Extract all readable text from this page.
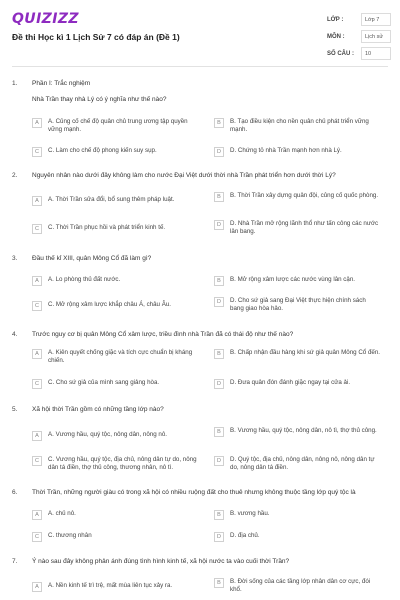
QUIZIZZ
Đề thi Học kì 1 Lịch Sử 7 có đáp án (Đề 1)
LỚP :	Lớp 7
MÔN :	Lịch sử
SỐ CÂU :	10
1. Phần I: Trắc nghiệm
Nhà Trần thay nhà Lý có ý nghĩa như thế nào?
A	A. Củng cố chế độ quân chủ trung ương tập quyền vững mạnh.
B	B. Tạo điều kiện cho nền quân chủ phát triển vững mạnh.
C	C. Làm cho chế độ phong kiến suy sụp.	D	D. Chứng tỏ nhà Trần mạnh hơn nhà Lý.
2. Nguyên nhân nào dưới đây không làm cho nước Đại Việt dưới thời nhà Trần phát triển hơn dưới thời Lý?
A	A. Thời Trần sửa đổi, bổ sung thêm pháp luật.	B	B. Thời Trần xây dựng quân đội, củng cố quốc phòng.
C	C. Thời Trần phục hồi và phát triển kinh tế.	D	D. Nhà Trần mở rộng lãnh thổ như tấn công các nước lân bang.
3. Đầu thế kỉ XIII, quân Mông Cổ đã làm gì?
A	A. Lo phòng thủ đất nước.	B	B. Mở rộng xâm lược các nước vùng lân cận.
C	C. Mở rộng xâm lược khắp châu Á, châu Âu.	D	D. Cho sứ giả sang Đại Việt thực hiện chính sách bang giao hòa hảo.
4. Trước nguy cơ bị quân Mông Cổ xâm lược, triều đình nhà Trần đã có thái độ như thế nào?
A	A. Kiên quyết chống giặc và tích cực chuẩn bị kháng chiến.
B	B. Chấp nhận đầu hàng khi sứ giả quân Mông Cổ đến.
C	C. Cho sứ giả của mình sang giảng hòa.	D	D. Đưa quân đón đánh giặc ngay tại cửa ải.
5. Xã hội thời Trần gồm có những tầng lớp nào?
A	A. Vương hầu, quý tộc, nông dân, nông nô.	B	B. Vương hầu, quý tộc, nông dân, nô tì, thợ thủ công.
C	C. Vương hầu, quý tộc, địa chủ, nông dân tự do, nông dân tá điền, thợ thủ công, thương nhân, nô tì.
D	D. Quý tộc, địa chủ, nông dân, nông nô, nông dân tự do, nông dân tá điền.
6. Thời Trần, những người giàu có trong xã hội có nhiều ruộng đất cho thuê nhưng không thuộc tầng lớp quý tộc là
A	A. chủ nô.	B	B. vương hầu.
C	C. thương nhân	D	D. địa chủ.
7. Ý nào sau đây không phản ánh đúng tình hình kinh tế, xã hội nước ta vào cuối thời Trần?
A	A. Nền kinh tế trì trệ, mất mùa liên tục xảy ra.	B	B. Đời sống của các tầng lớp nhân dân cơ cực, đói khổ.
